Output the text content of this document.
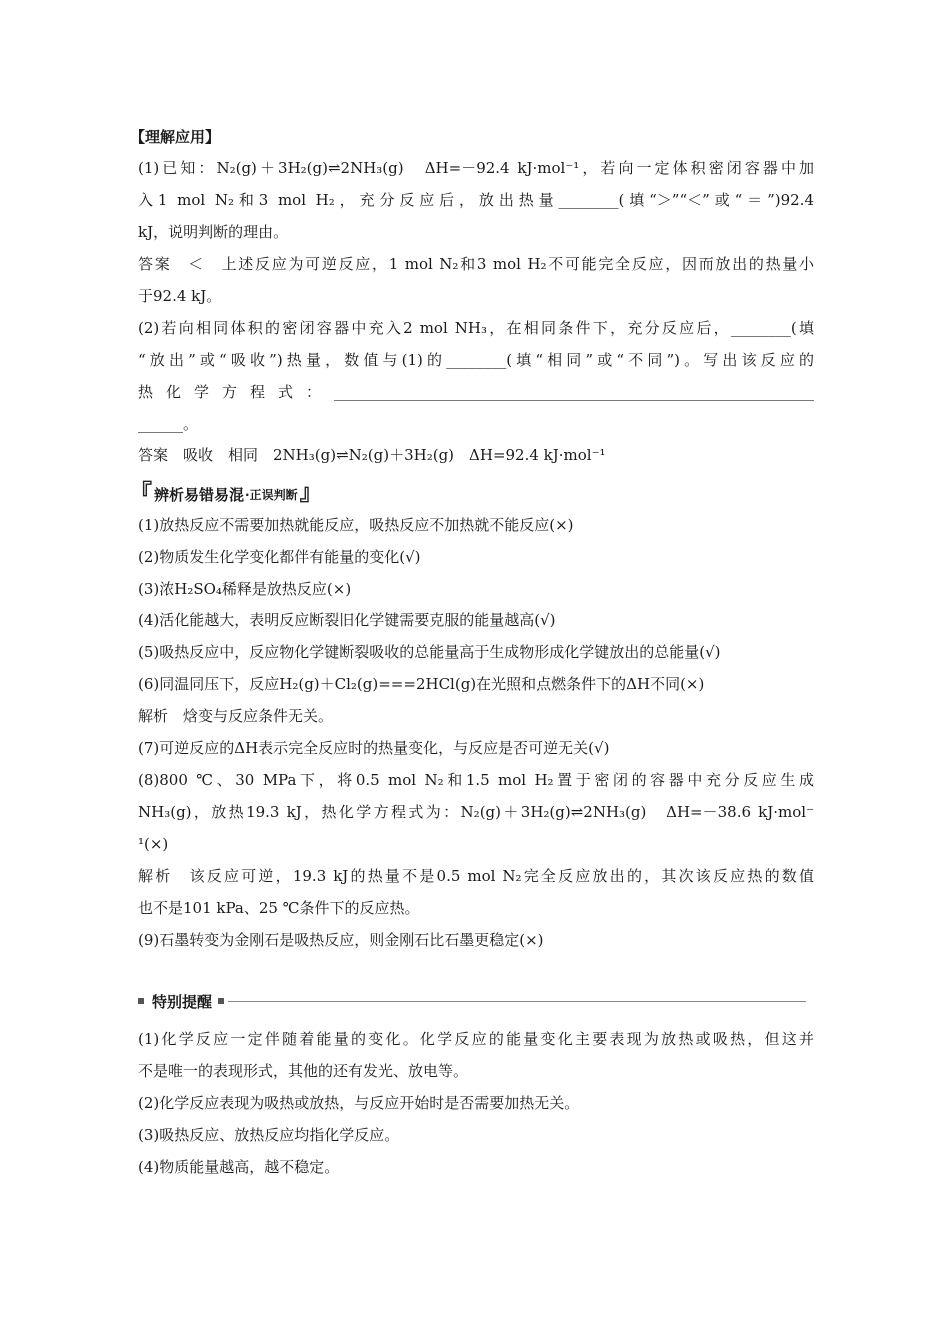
【理解应用】
(1)已知：N₂(g)＋3H₂(g)⇌2NH₃(g)　ΔH=－92.4 kJ·mol⁻¹，若向一定体积密闭容器中加
入1 mol N₂和3 mol H₂，充分反应后，放出热量________(填“＞”“＜”或“＝”)92.4
kJ，说明判断的理由。
答案　＜　上述反应为可逆反应，1 mol N₂和3 mol H₂不可能完全反应，因而放出的热量小
于92.4 kJ。
(2)若向相同体积的密闭容器中充入2 mol NH₃，在相同条件下，充分反应后，________(填
“放出”或“吸收”)热量，数值与(1)的________(填“相同”或“不同”)。写出该反应的
热化学方程式：________________________________________________________________
______。
答案　吸收　相同　2NH₃(g)⇌N₂(g)＋3H₂(g)　ΔH=92.4 kJ·mol⁻¹
『 辨析易错易混 ·正误判断 』
(1)放热反应不需要加热就能反应，吸热反应不加热就不能反应(×)
(2)物质发生化学变化都伴有能量的变化(√)
(3)浓H₂SO₄稀释是放热反应(×)
(4)活化能越大，表明反应断裂旧化学键需要克服的能量越高(√)
(5)吸热反应中，反应物化学键断裂吸收的总能量高于生成物形成化学键放出的总能量(√)
(6)同温同压下，反应H₂(g)＋Cl₂(g)===2HCl(g)在光照和点燃条件下的ΔH不同(×)
解析　焓变与反应条件无关。
(7)可逆反应的ΔH表示完全反应时的热量变化，与反应是否可逆无关(√)
(8)800 ℃、30 MPa下，将0.5 mol N₂和1.5 mol H₂置于密闭的容器中充分反应生成
NH₃(g)，放热19.3 kJ，热化学方程式为：N₂(g)＋3H₂(g)⇌2NH₃(g)　ΔH=－38.6 kJ·mol⁻
¹(×)
解析　该反应可逆，19.3 kJ的热量不是0.5 mol N₂完全反应放出的，其次该反应热的数值
也不是101 kPa、25 ℃条件下的反应热。
(9)石墨转变为金刚石是吸热反应，则金刚石比石墨更稳定(×)
特别提醒
(1)化学反应一定伴随着能量的变化。化学反应的能量变化主要表现为放热或吸热，但这并
不是唯一的表现形式，其他的还有发光、放电等。
(2)化学反应表现为吸热或放热，与反应开始时是否需要加热无关。
(3)吸热反应、放热反应均指化学反应。
(4)物质能量越高，越不稳定。
